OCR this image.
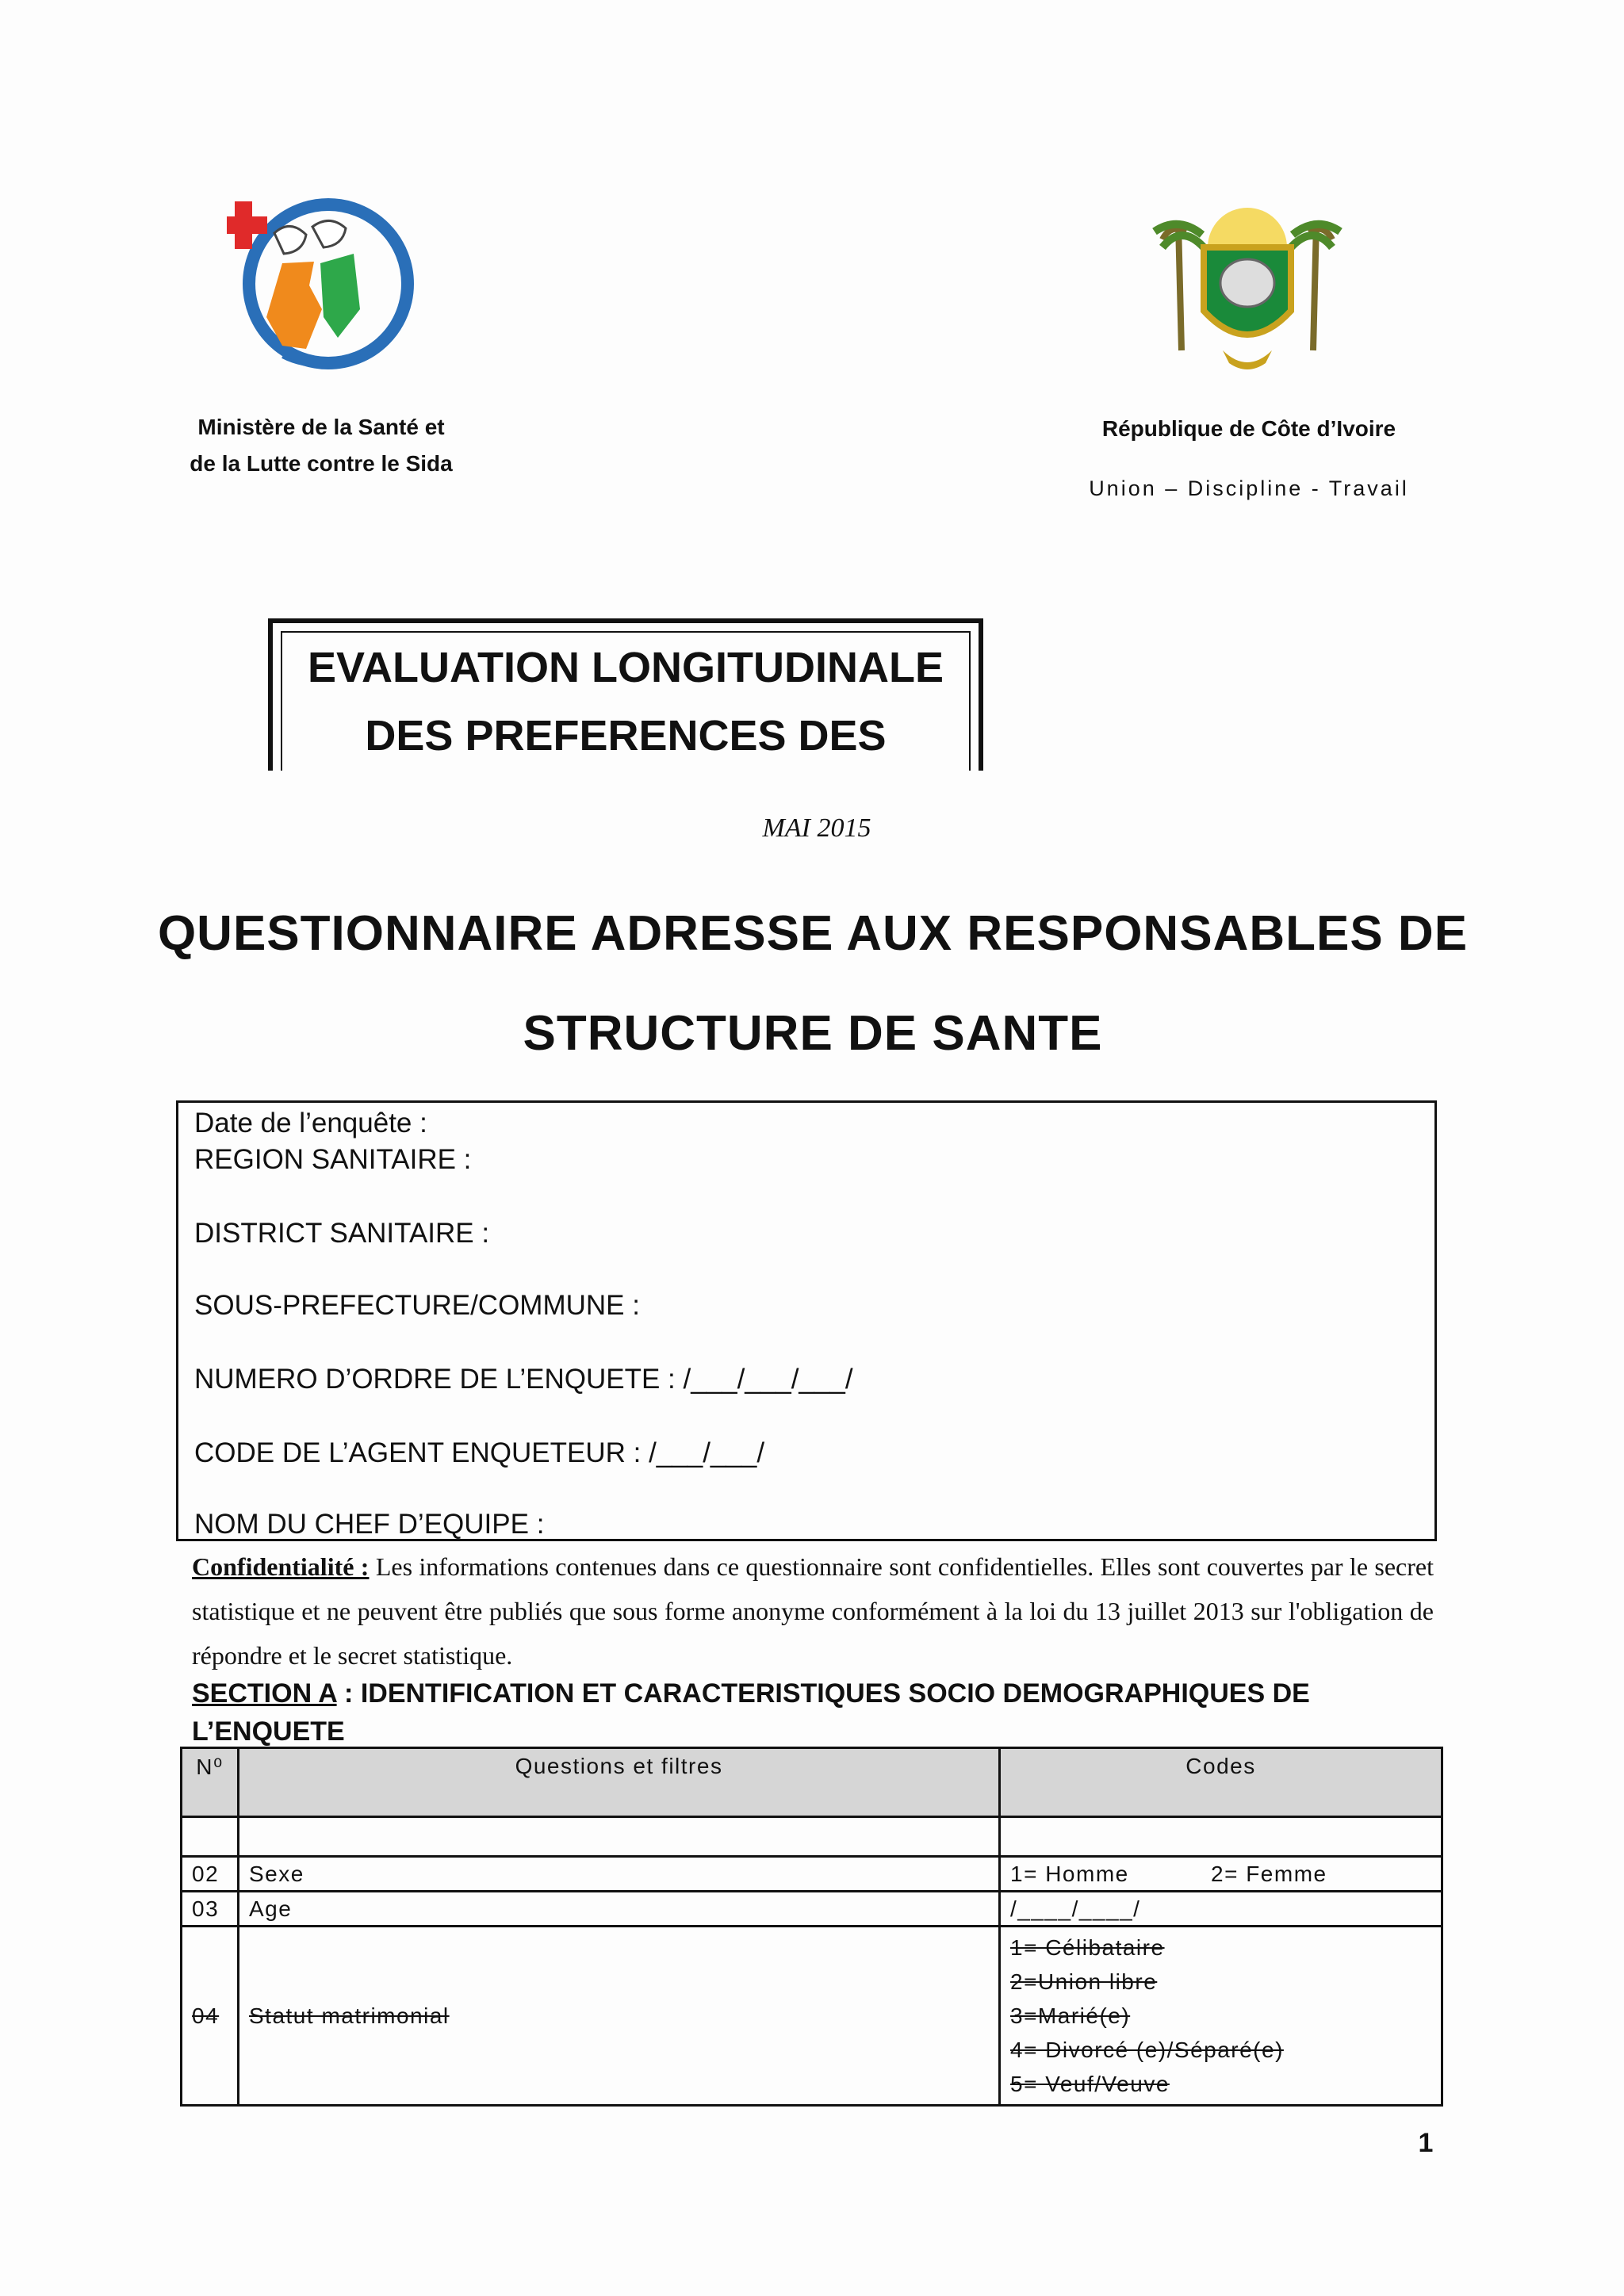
Ministère de la Santé et
de la Lutte contre le Sida
République de Côte d’Ivoire
Union – Discipline - Travail
EVALUATION LONGITUDINALE
DES PREFERENCES DES
MAI 2015
QUESTIONNAIRE ADRESSE AUX RESPONSABLES DE
STRUCTURE DE SANTE
Date de l’enquête :
REGION SANITAIRE :
DISTRICT SANITAIRE :
SOUS-PREFECTURE/COMMUNE :
NUMERO D’ORDRE DE L’ENQUETE : /___/___/___/
CODE DE L’AGENT ENQUETEUR : /___/___/
NOM DU CHEF D’EQUIPE :
Confidentialité : Les informations contenues dans ce questionnaire sont confidentielles. Elles sont couvertes par le secret statistique et ne peuvent être publiés que sous forme anonyme conformément à la loi du 13 juillet 2013 sur l'obligation de répondre et le secret statistique.
SECTION A : IDENTIFICATION ET CARACTERISTIQUES SOCIO DEMOGRAPHIQUES DE L’ENQUETE
N⁰	Questions et filtres	Codes

02	Sexe	1= Homme 2= Femme
03	Age	/____/____/
04	Statut matrimonial	1= Célibataire
2=Union libre
3=Marié(e)
4= Divorcé (e)/Séparé(e)
5= Veuf/Veuve
1
